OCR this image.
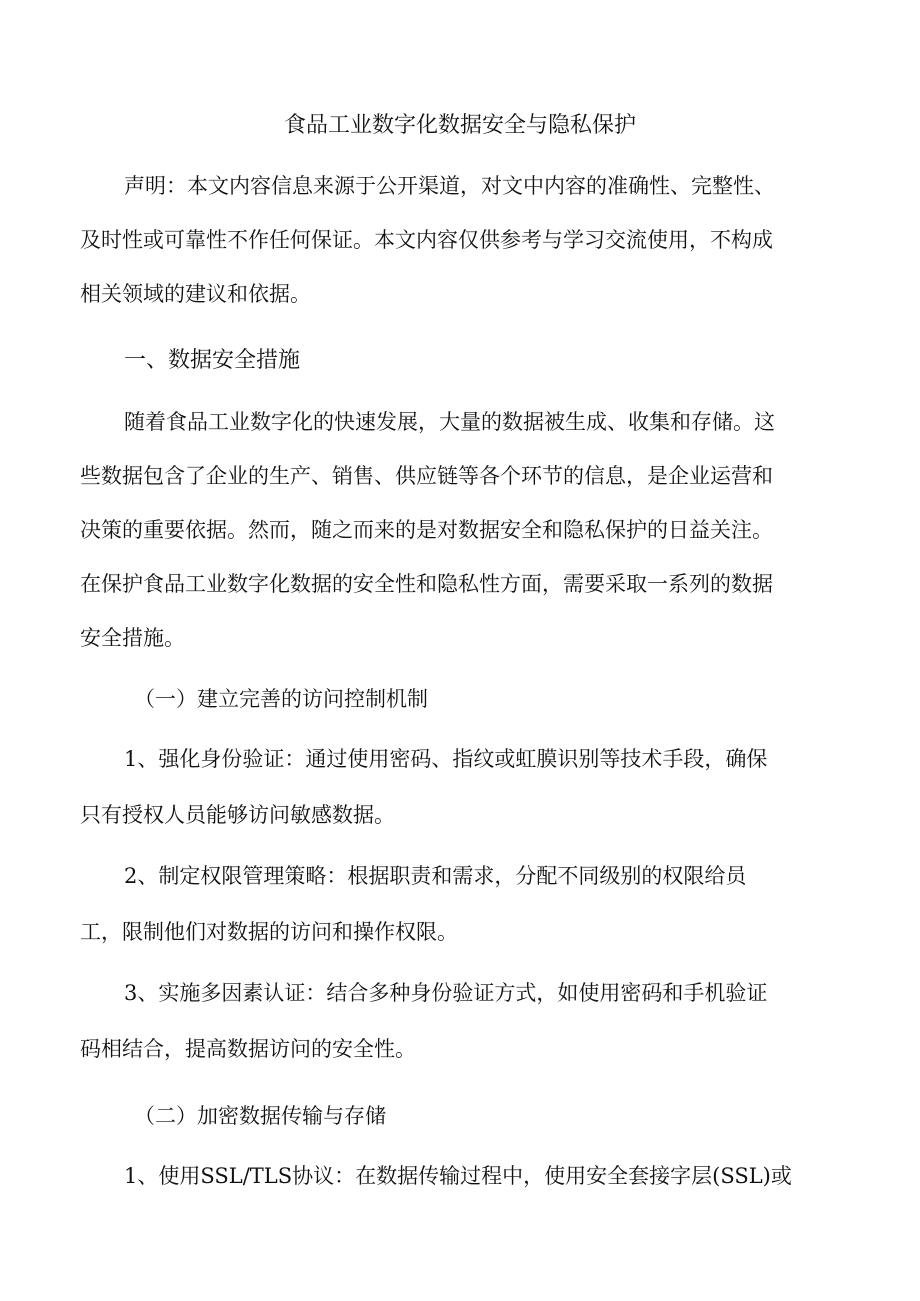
食品工业数字化数据安全与隐私保护
声明：本文内容信息来源于公开渠道，对文中内容的准确性、完整性、
及时性或可靠性不作任何保证。本文内容仅供参考与学习交流使用，不构成
相关领域的建议和依据。
一、数据安全措施
随着食品工业数字化的快速发展，大量的数据被生成、收集和存储。这
些数据包含了企业的生产、销售、供应链等各个环节的信息，是企业运营和
决策的重要依据。然而，随之而来的是对数据安全和隐私保护的日益关注。
在保护食品工业数字化数据的安全性和隐私性方面，需要采取一系列的数据
安全措施。
（一）建立完善的访问控制机制
1、强化身份验证：通过使用密码、指纹或虹膜识别等技术手段，确保
只有授权人员能够访问敏感数据。
2、制定权限管理策略：根据职责和需求，分配不同级别的权限给员
工，限制他们对数据的访问和操作权限。
3、实施多因素认证：结合多种身份验证方式，如使用密码和手机验证
码相结合，提高数据访问的安全性。
（二）加密数据传输与存储
1、使用SSL/TLS协议：在数据传输过程中，使用安全套接字层(SSL)或
